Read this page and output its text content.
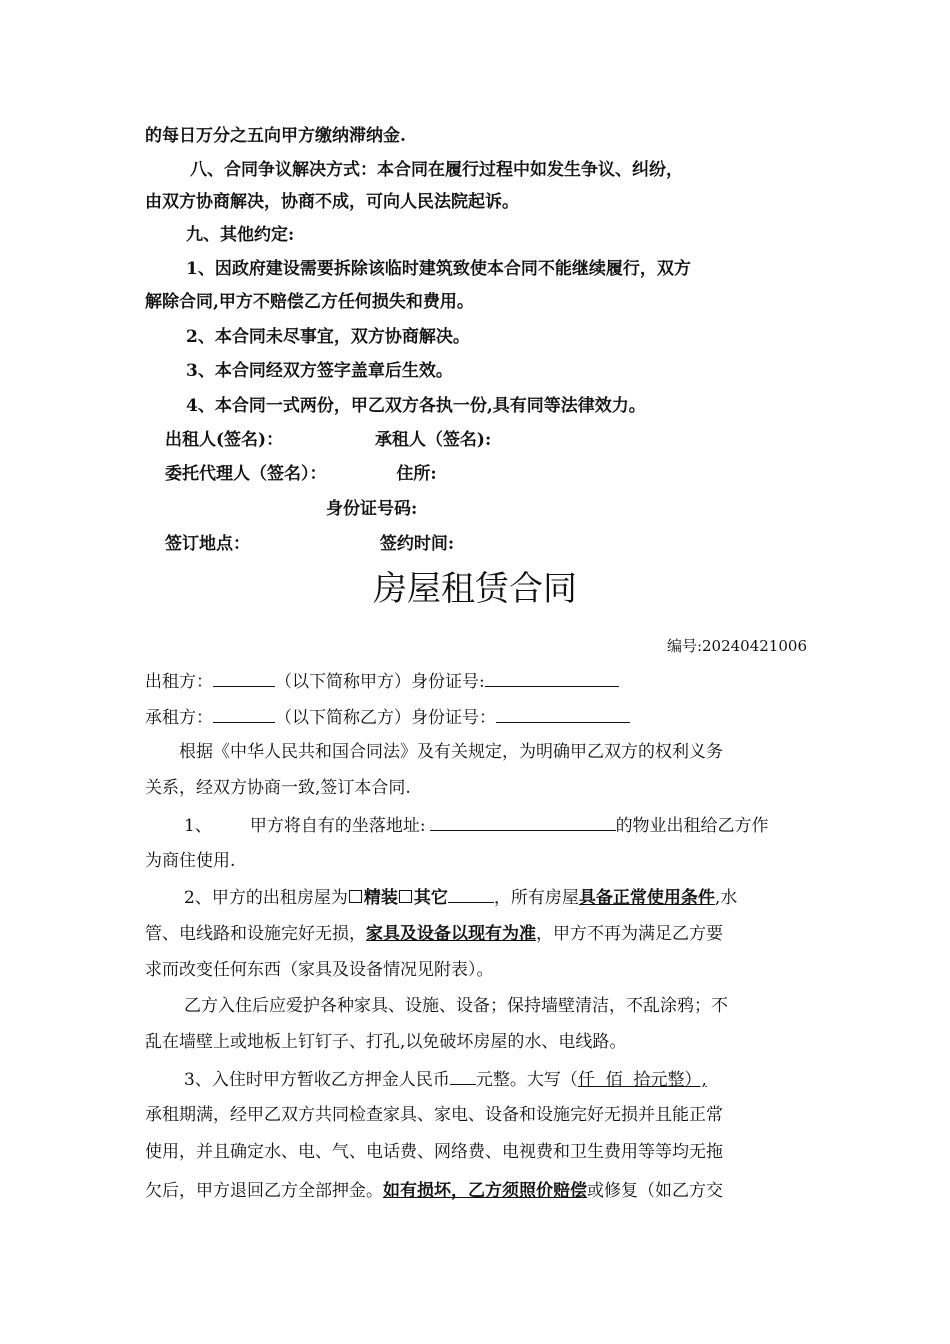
的每日万分之五向甲方缴纳滞纳金.
八、合同争议解决方式：本合同在履行过程中如发生争议、纠纷，
由双方协商解决，协商不成，可向人民法院起诉。
九、其他约定:
1、因政府建设需要拆除该临时建筑致使本合同不能继续履行，双方
解除合同,甲方不赔偿乙方任何损失和费用。
2、本合同未尽事宜，双方协商解决。
3、本合同经双方签字盖章后生效。
4、本合同一式两份，甲乙双方各执一份,具有同等法律效力。
出租人(签名)：	承租人（签名):
委托代理人（签名）：	住所:
身份证号码:
签订地点：	签约时间:
房屋租赁合同
编号:20240421006
出租方：	（以下简称甲方）身份证号:
承租方：	（以下简称乙方）身份证号：
根据《中华人民共和国合同法》及有关规定，为明确甲乙双方的权利义务
关系，经双方协商一致,签订本合同.
1、 甲方将自有的坐落地址:	的物业出租给乙方作
为商住使用.
2、甲方的出租房屋为 精装 其它	，所有房屋具备正常使用条件,水
管、电线路和设施完好无损，家具及设备以现有为准，甲方不再为满足乙方要
求而改变任何东西（家具及设备情况见附表）。
乙方入住后应爱护各种家具、设施、设备；保持墙壁清洁，不乱涂鸦；不
乱在墙壁上或地板上钉钉子、打孔,以免破坏房屋的水、电线路。
3、入住时甲方暂收乙方押金人民币 元整。大写（仟  佰  拾元整）,
承租期满，经甲乙双方共同检查家具、家电、设备和设施完好无损并且能正常
使用，并且确定水、电、气、电话费、网络费、电视费和卫生费用等等均无拖
欠后，甲方退回乙方全部押金。如有损坏，乙方须照价赔偿或修复（如乙方交
